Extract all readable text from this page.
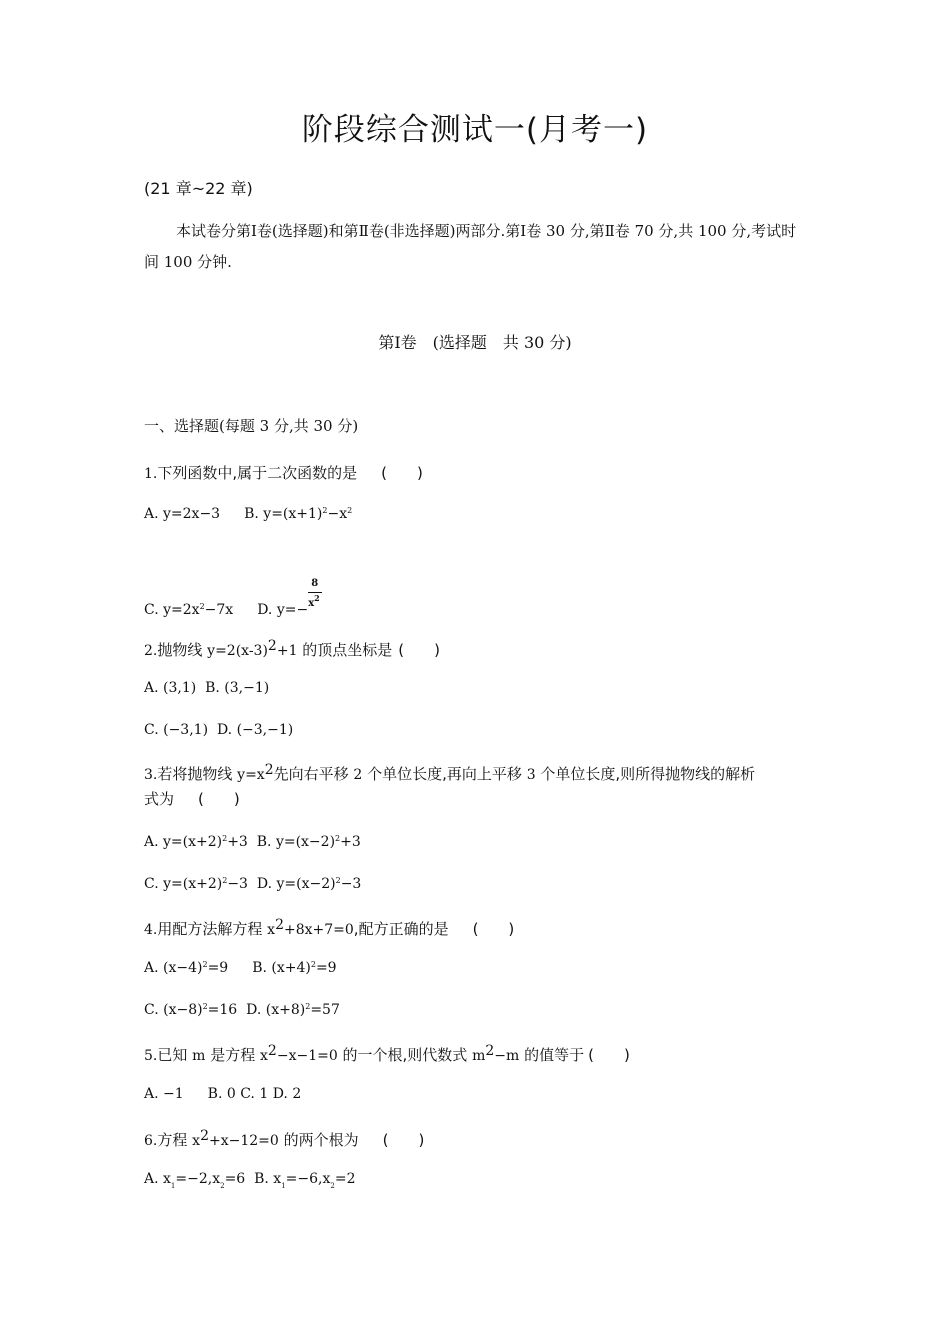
阶段综合测试一(月考一)
(21 章~22 章)
本试卷分第Ⅰ卷(选择题)和第Ⅱ卷(非选择题)两部分.第Ⅰ卷 30 分,第Ⅱ卷 70 分,共 100 分,考试时间 100 分钟.
第Ⅰ卷　(选择题　共 30 分)
一、选择题(每题 3 分,共 30 分)
1.下列函数中,属于二次函数的是 (　　)
A. y=2x−3 B. $y=(x+1)^2-x^2$
C. $y=2x^2-7x$ D. $y=- \frac{8}{x^2}$
2.抛物线 y=2(x-3)2+1 的顶点坐标是 (　　)
A. (3,1) B. (3,−1)
C. (−3,1) D. (−3,−1)
3.若将抛物线 y=x2先向右平移 2 个单位长度,再向上平移 3 个单位长度,则所得抛物线的解析
式为 (　　)
A. $y=(x+2)^2+3$ B. $y=(x-2)^2+3$
C. $y=(x+2)^2-3$ D. $y=(x-2)^2-3$
4.用配方法解方程 x2+8x+7=0,配方正确的是 (　　)
A. $(x-4)^2=9$ B. $(x+4)^2=9$
C. $(x-8)^2=16$ D. $(x+8)^2=57$
5.已知 m 是方程 x2−x−1=0 的一个根,则代数式 m2−m 的值等于 (　　)
A. −1 B. 0 C. 1 D. 2
6.方程 x2+x−12=0 的两个根为 (　　)
A. $x_1=-2,x_2=6$ B. $x_1=-6,x_2=2$
